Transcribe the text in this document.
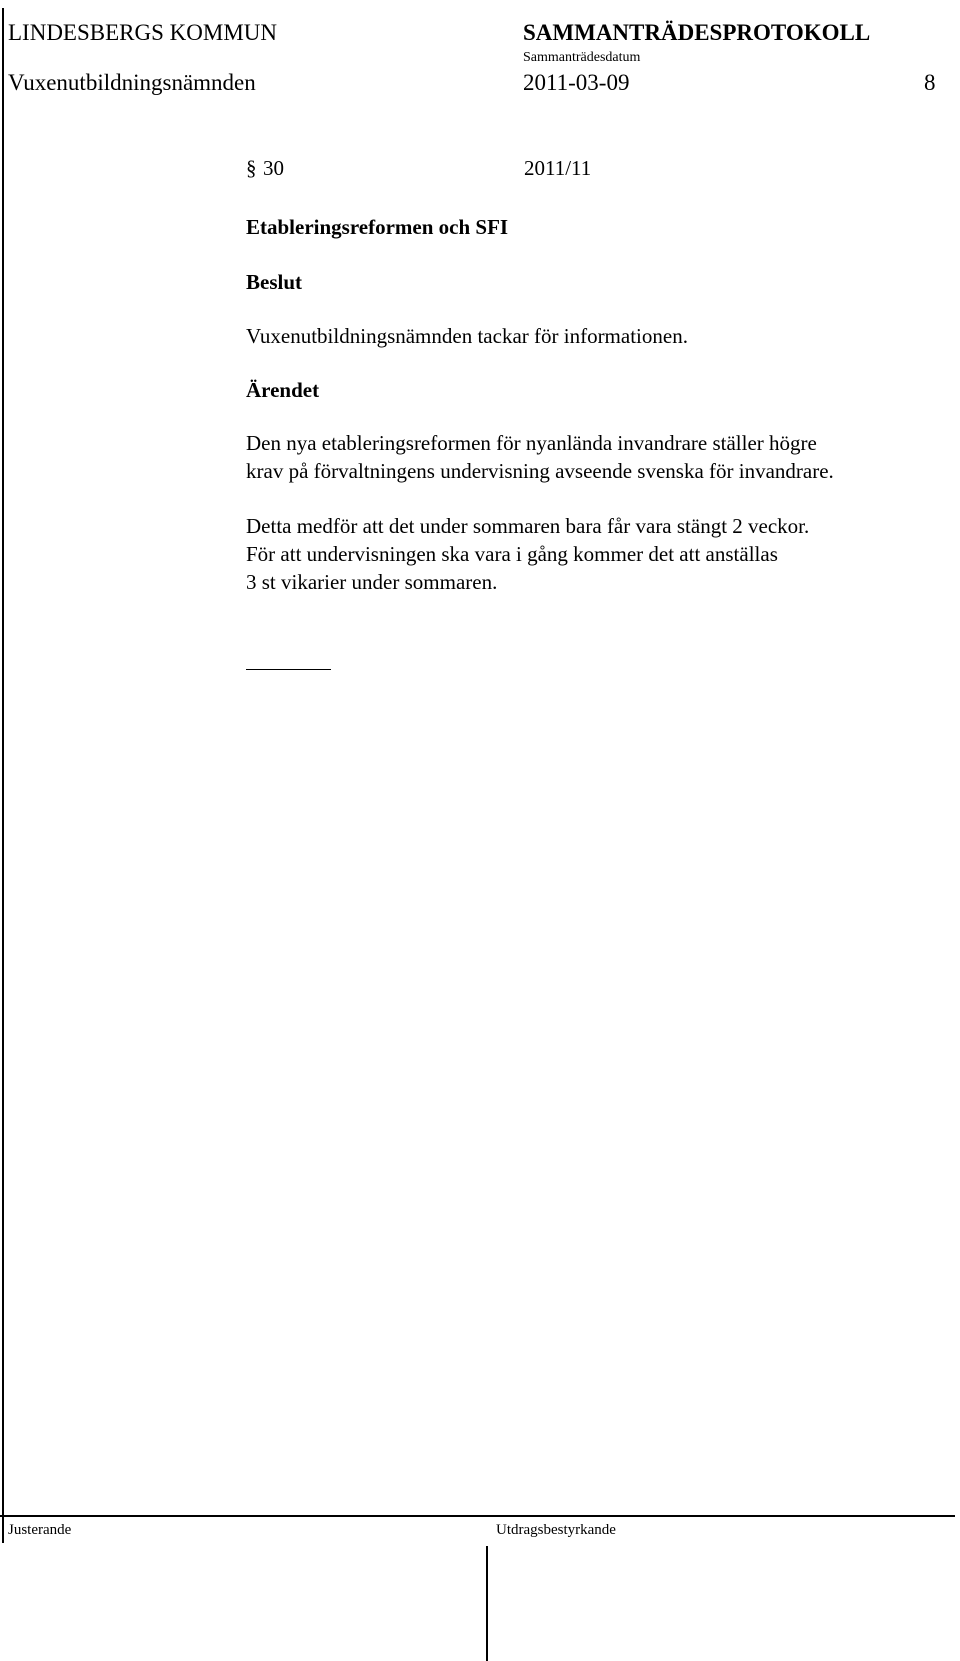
LINDESBERGS KOMMUN	SAMMANTRÄDESPROTOKOLL
Sammanträdesdatum
Vuxenutbildningsnämnden	2011-03-09	8
§ 30	2011/11
Etableringsreformen och SFI
Beslut
Vuxenutbildningsnämnden tackar för informationen.
Ärendet
Den nya etableringsreformen för nyanlända invandrare ställer högre
krav på förvaltningens undervisning avseende svenska för invandrare.
Detta medför att det under sommaren bara får vara stängt 2 veckor.
För att undervisningen ska vara i gång kommer det att anställas
3 st vikarier under sommaren.
Justerande	Utdragsbestyrkande
